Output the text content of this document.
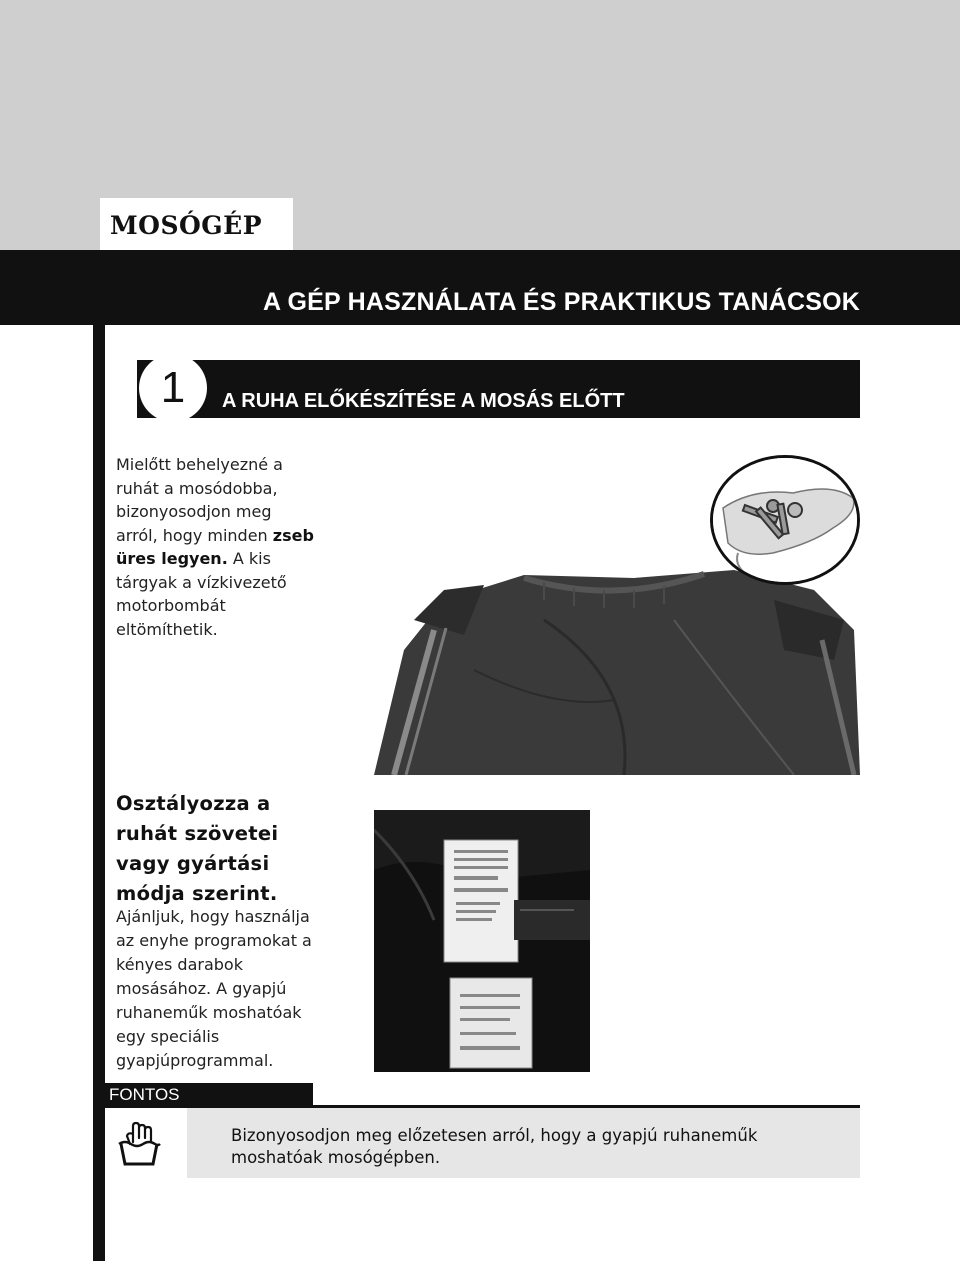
MOSÓGÉP
A GÉP HASZNÁLATA ÉS PRAKTIKUS TANÁCSOK
1	A RUHA ELŐKÉSZÍTÉSE A MOSÁS ELŐTT
Mielőtt behelyezné a ruhát a mosódobba, bizonyosodjon meg arról, hogy minden zseb üres legyen. A kis tárgyak a vízkivezető motorbombát eltömíthetik.
Osztályozza a ruhát szövetei vagy gyártási módja szerint.
Ajánljuk, hogy használja az enyhe programokat a kényes darabok mosásához. A gyapjú ruhaneműk moshatóak egy speciális gyapjúprogrammal.
FONTOS
Bizonyosodjon meg előzetesen arról, hogy a gyapjú ruhaneműk moshatóak mosógépben.
